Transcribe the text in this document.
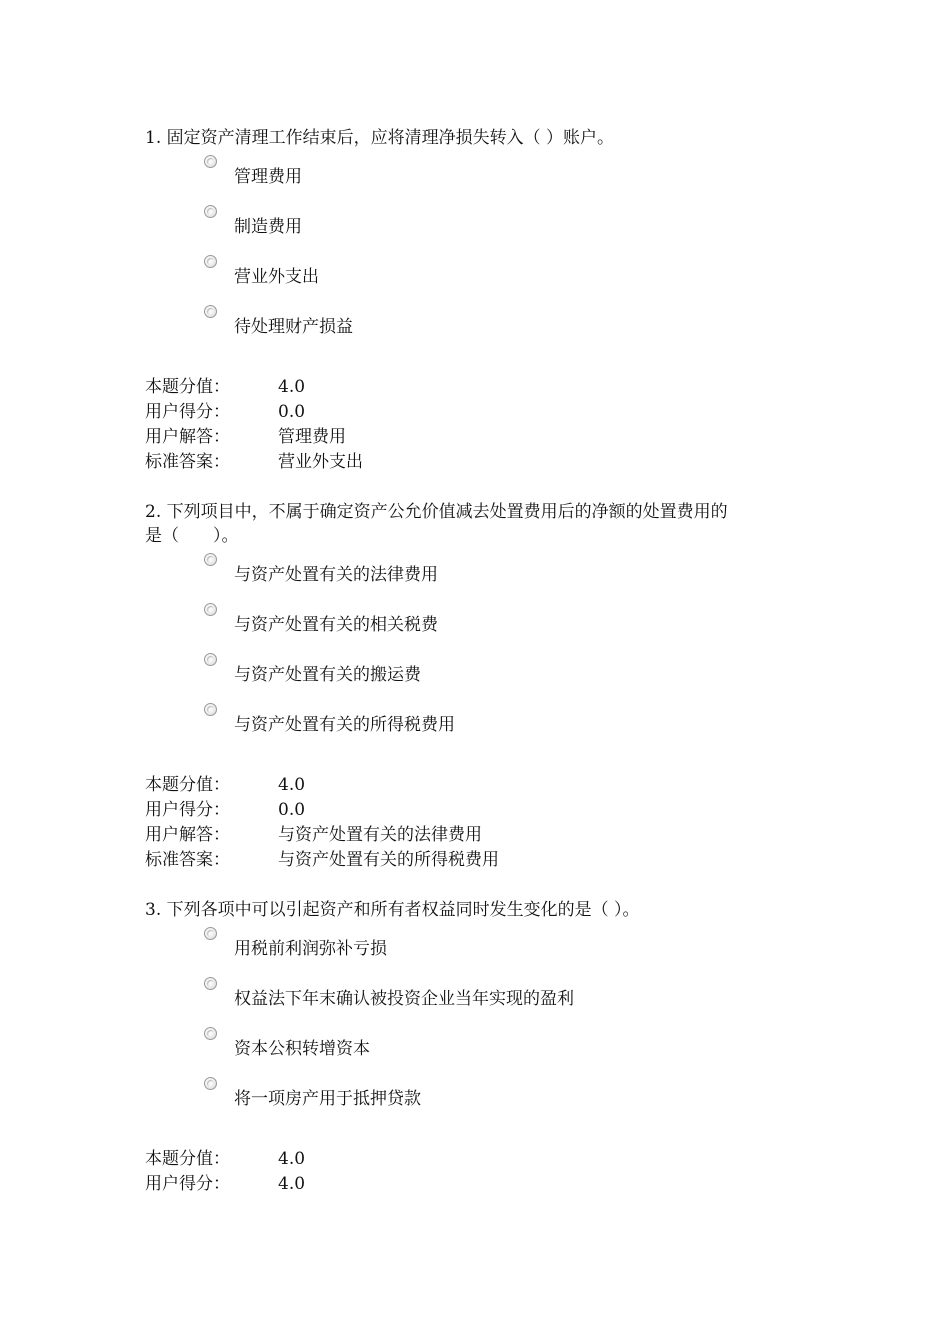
1. 固定资产清理工作结束后，应将清理净损失转入（ ）账户。
管理费用
制造费用
营业外支出
待处理财产损益
本题分值：	4.0
用户得分：	0.0
用户解答：	管理费用
标准答案：	营业外支出
2. 下列项目中，不属于确定资产公允价值减去处置费用后的净额的处置费用的
是（　　）。
与资产处置有关的法律费用
与资产处置有关的相关税费
与资产处置有关的搬运费
与资产处置有关的所得税费用
本题分值：	4.0
用户得分：	0.0
用户解答：	与资产处置有关的法律费用
标准答案：	与资产处置有关的所得税费用
3. 下列各项中可以引起资产和所有者权益同时发生变化的是（ ）。
用税前利润弥补亏损
权益法下年末确认被投资企业当年实现的盈利
资本公积转增资本
将一项房产用于抵押贷款
本题分值：	4.0
用户得分：	4.0
